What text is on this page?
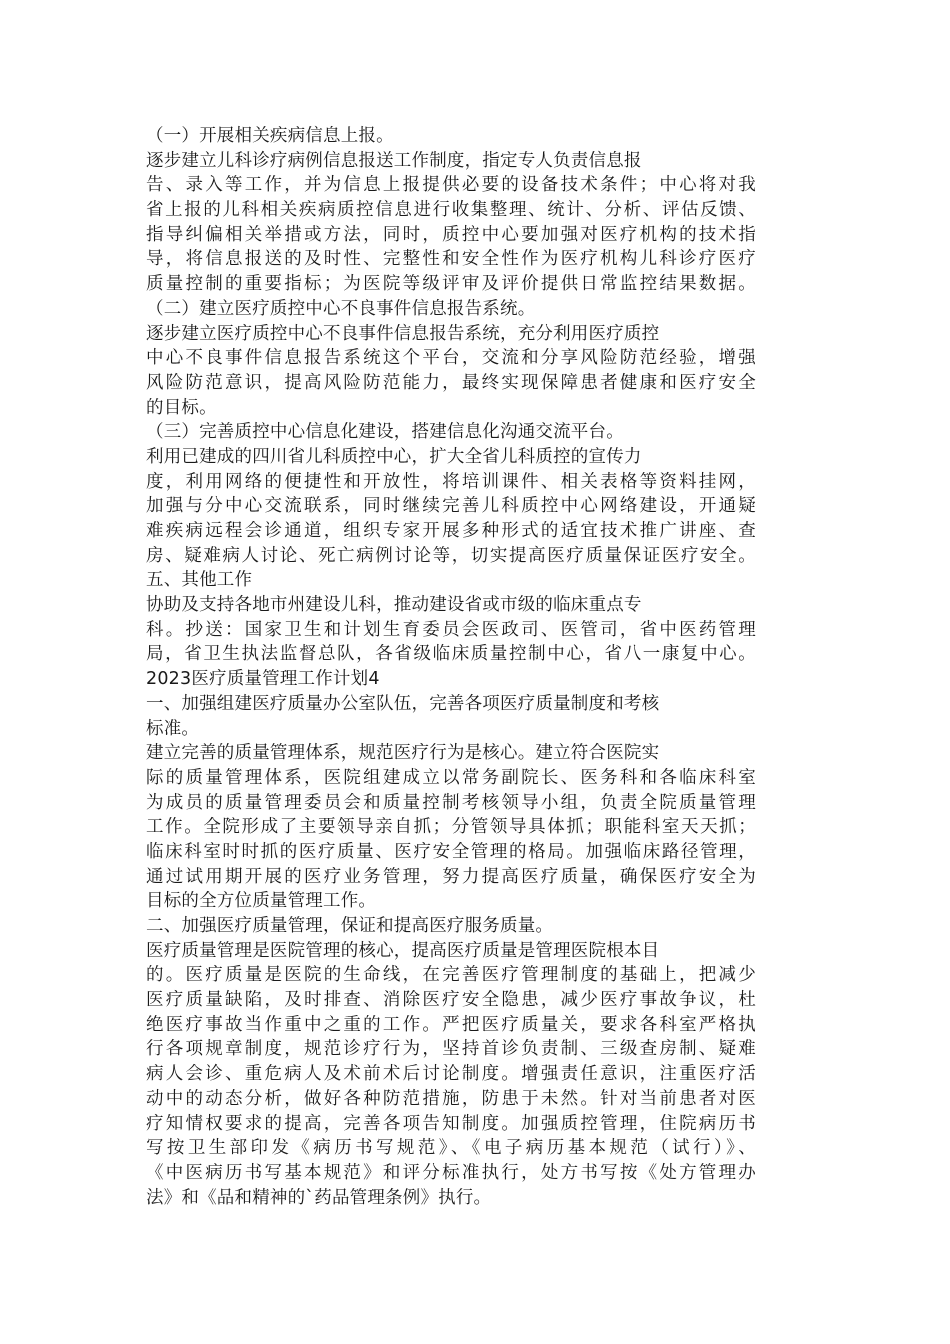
（一）开展相关疾病信息上报。
逐步建立儿科诊疗病例信息报送工作制度，指定专人负责信息报
告、录入等工作，并为信息上报提供必要的设备技术条件；中心将对我
省上报的儿科相关疾病质控信息进行收集整理、统计、分析、评估反馈、
指导纠偏相关举措或方法，同时，质控中心要加强对医疗机构的技术指
导，将信息报送的及时性、完整性和安全性作为医疗机构儿科诊疗医疗
质量控制的重要指标；为医院等级评审及评价提供日常监控结果数据。
（二）建立医疗质控中心不良事件信息报告系统。
逐步建立医疗质控中心不良事件信息报告系统，充分利用医疗质控
中心不良事件信息报告系统这个平台，交流和分享风险防范经验，增强
风险防范意识，提高风险防范能力，最终实现保障患者健康和医疗安全
的目标。
（三）完善质控中心信息化建设，搭建信息化沟通交流平台。
利用已建成的四川省儿科质控中心，扩大全省儿科质控的宣传力
度，利用网络的便捷性和开放性，将培训课件、相关表格等资料挂网，
加强与分中心交流联系，同时继续完善儿科质控中心网络建设，开通疑
难疾病远程会诊通道，组织专家开展多种形式的适宜技术推广讲座、查
房、疑难病人讨论、死亡病例讨论等，切实提高医疗质量保证医疗安全。
五、其他工作
协助及支持各地市州建设儿科，推动建设省或市级的临床重点专
科。抄送：国家卫生和计划生育委员会医政司、医管司，省中医药管理
局，省卫生执法监督总队，各省级临床质量控制中心，省八一康复中心。
2023医疗质量管理工作计划4
一、加强组建医疗质量办公室队伍，完善各项医疗质量制度和考核
标准。
建立完善的质量管理体系，规范医疗行为是核心。建立符合医院实
际的质量管理体系，医院组建成立以常务副院长、医务科和各临床科室
为成员的质量管理委员会和质量控制考核领导小组，负责全院质量管理
工作。全院形成了主要领导亲自抓；分管领导具体抓；职能科室天天抓；
临床科室时时抓的医疗质量、医疗安全管理的格局。加强临床路径管理，
通过试用期开展的医疗业务管理，努力提高医疗质量，确保医疗安全为
目标的全方位质量管理工作。
二、加强医疗质量管理，保证和提高医疗服务质量。
医疗质量管理是医院管理的核心，提高医疗质量是管理医院根本目
的。医疗质量是医院的生命线，在完善医疗管理制度的基础上，把减少
医疗质量缺陷，及时排查、消除医疗安全隐患，减少医疗事故争议，杜
绝医疗事故当作重中之重的工作。严把医疗质量关，要求各科室严格执
行各项规章制度，规范诊疗行为，坚持首诊负责制、三级查房制、疑难
病人会诊、重危病人及术前术后讨论制度。增强责任意识，注重医疗活
动中的动态分析，做好各种防范措施，防患于未然。针对当前患者对医
疗知情权要求的提高，完善各项告知制度。加强质控管理，住院病历书
写按卫生部印发《病历书写规范》、《电子病历基本规范（试行）》、
《中医病历书写基本规范》和评分标准执行，处方书写按《处方管理办
法》和《品和精神的`药品管理条例》执行。
